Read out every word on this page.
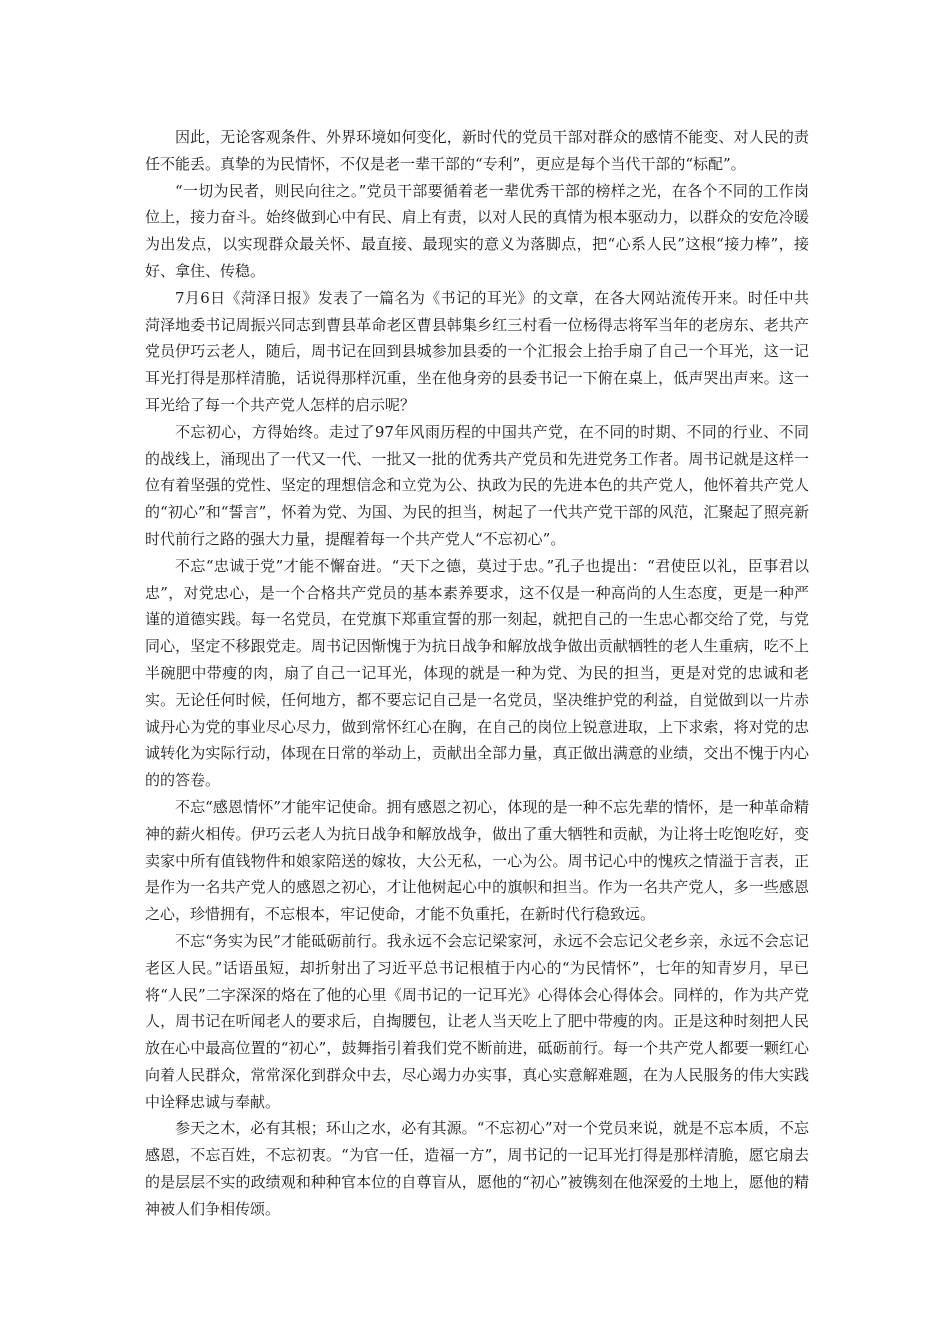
因此，无论客观条件、外界环境如何变化，新时代的党员干部对群众的感情不能变、对人民的责任不能丢。真挚的为民情怀，不仅是老一辈干部的“专利”，更应是每个当代干部的“标配”。

“一切为民者，则民向往之。”党员干部要循着老一辈优秀干部的榜样之光，在各个不同的工作岗位上，接力奋斗。始终做到心中有民、肩上有责，以对人民的真情为根本驱动力，以群众的安危冷暖为出发点，以实现群众最关怀、最直接、最现实的意义为落脚点，把“心系人民”这根“接力棒”，接好、拿住、传稳。

7月6日《菏泽日报》发表了一篇名为《书记的耳光》的文章，在各大网站流传开来。时任中共菏泽地委书记周振兴同志到曹县革命老区曹县韩集乡红三村看一位杨得志将军当年的老房东、老共产党员伊巧云老人，随后，周书记在回到县城参加县委的一个汇报会上抬手扇了自己一个耳光，这一记耳光打得是那样清脆，话说得那样沉重，坐在他身旁的县委书记一下俯在桌上，低声哭出声来。这一耳光给了每一个共产党人怎样的启示呢？

不忘初心，方得始终。走过了97年风雨历程的中国共产党，在不同的时期、不同的行业、不同的战线上，涌现出了一代又一代、一批又一批的优秀共产党员和先进党务工作者。周书记就是这样一位有着坚强的党性、坚定的理想信念和立党为公、执政为民的先进本色的共产党人，他怀着共产党人的“初心”和“誓言”，怀着为党、为国、为民的担当，树起了一代共产党干部的风范，汇聚起了照亮新时代前行之路的强大力量，提醒着每一个共产党人“不忘初心”。

不忘“忠诚于党”才能不懈奋进。“天下之德，莫过于忠。”孔子也提出：“君使臣以礼，臣事君以忠”，对党忠心，是一个合格共产党员的基本素养要求，这不仅是一种高尚的人生态度，更是一种严谨的道德实践。每一名党员，在党旗下郑重宣誓的那一刻起，就把自己的一生忠心都交给了党，与党同心，坚定不移跟党走。周书记因惭愧于为抗日战争和解放战争做出贡献牺牲的老人生重病，吃不上半碗肥中带瘦的肉，扇了自己一记耳光，体现的就是一种为党、为民的担当，更是对党的忠诚和老实。无论任何时候，任何地方，都不要忘记自己是一名党员，坚决维护党的利益，自觉做到以一片赤诚丹心为党的事业尽心尽力，做到常怀红心在胸，在自己的岗位上锐意进取，上下求索，将对党的忠诚转化为实际行动，体现在日常的举动上，贡献出全部力量，真正做出满意的业绩，交出不愧于内心的的答卷。

不忘“感恩情怀”才能牢记使命。拥有感恩之初心，体现的是一种不忘先辈的情怀，是一种革命精神的薪火相传。伊巧云老人为抗日战争和解放战争，做出了重大牺牲和贡献，为让将士吃饱吃好，变卖家中所有值钱物件和娘家陪送的嫁妆，大公无私，一心为公。周书记心中的愧疚之情溢于言表，正是作为一名共产党人的感恩之初心，才让他树起心中的旗帜和担当。作为一名共产党人，多一些感恩之心，珍惜拥有，不忘根本，牢记使命，才能不负重托，在新时代行稳致远。

不忘“务实为民”才能砥砺前行。我永远不会忘记梁家河，永远不会忘记父老乡亲，永远不会忘记老区人民。”话语虽短，却折射出了习近平总书记根植于内心的“为民情怀”，七年的知青岁月，早已将“人民”二字深深的烙在了他的心里《周书记的一记耳光》心得体会心得体会。同样的，作为共产党人，周书记在听闻老人的要求后，自掏腰包，让老人当天吃上了肥中带瘦的肉。正是这种时刻把人民放在心中最高位置的“初心”，鼓舞指引着我们党不断前进，砥砺前行。每一个共产党人都要一颗红心向着人民群众，常常深化到群众中去，尽心竭力办实事，真心实意解难题，在为人民服务的伟大实践中诠释忠诚与奉献。

参天之木，必有其根；环山之水，必有其源。“不忘初心”对一个党员来说，就是不忘本质，不忘感恩，不忘百姓，不忘初衷。“为官一任，造福一方”，周书记的一记耳光打得是那样清脆，愿它扇去的是层层不实的政绩观和种种官本位的自尊盲从，愿他的“初心”被镌刻在他深爱的土地上，愿他的精神被人们争相传颂。
